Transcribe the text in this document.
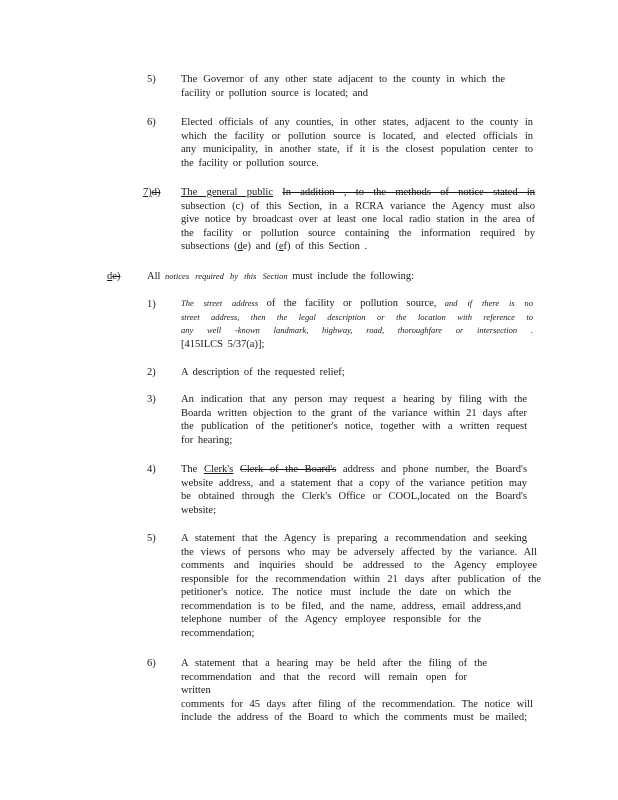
5) The Governor of any other state adjacent to the county in which the
facility or pollution source is located; and
6) Elected officials of any counties, in other states, adjacent to the county in
which the facility or pollution source is located, and elected officials in
any municipality, in another state, if it is the closest population center to
the facility or pollution source.
7)d) The general public In addition , to the methods of notice stated in
subsection (c) of this Section, in a RCRA variance the Agency must also
give notice by broadcast over at least one local radio station in the area of
the facility or pollution source containing the information required by
subsections (de) and (ef) of this Section .
de)	All notices required by this Section must include the following:
1)	The street address of the facility or pollution source, and if there is no
street address, then the legal description or the location with reference to
any well -known landmark, highway, road, thoroughfare or intersection .
[415ILCS 5/37(a)];
2) A description of the requested relief;
3) An indication that any person may request a hearing by filing with the
Boarda written objection to the grant of the variance within 21 days after
the publication of the petitioner's notice, together with a written request
for hearing;
4) The Clerk's Clerk of the Board's address and phone number, the Board's
website address, and a statement that a copy of the variance petition may
be obtained through the Clerk's Office or COOL,located on the Board's
website;
5) A statement that the Agency is preparing a recommendation and seeking
the views of persons who may be adversely affected by the variance. All
comments and inquiries should be addressed to the Agency employee
responsible for the recommendation within 21 days after publication of the
petitioner's notice. The notice must include the date on which the
recommendation is to be filed, and the name, address, email address,and
telephone number of the Agency employee responsible for the
recommendation;
6) A statement that a hearing may be held after the filing of the
recommendation and that the record will remain open for written
comments for 45 days after filing of the recommendation. The notice will
include the address of the Board to which the comments must be mailed;
